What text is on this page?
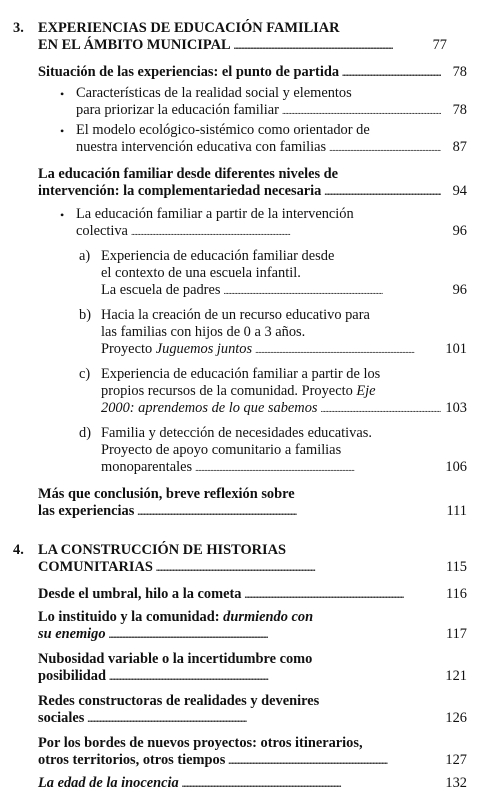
3. EXPERIENCIAS DE EDUCACIÓN FAMILIAR
EN EL ÁMBITO MUNICIPAL . . .	77
Situación de las experiencias: el punto de partida . . .	78
• Características de la realidad social y elementos
para priorizar la educación familiar . . .	78
• El modelo ecológico-sistémico como orientador de
nuestra intervención educativa con familias . . .	87
La educación familiar desde diferentes niveles de
intervención: la complementariedad necesaria . . .	94
• La educación familiar a partir de la intervención
colectiva . . .	96
a) Experiencia de educación familiar desde
el contexto de una escuela infantil.
La escuela de padres . . .	96
b) Hacia la creación de un recurso educativo para
las familias con hijos de 0 a 3 años.
Proyecto
Juguemos juntos . . .	101
c) Experiencia de educación familiar a partir de los
propios recursos de la comunidad. Proyecto
Eje
2000: aprendemos de lo que sabemos . . .	103
d) Familia y detección de necesidades educativas.
Proyecto de apoyo comunitario a familias
monoparentales . . .	106
Más que conclusión, breve reflexión sobre
las experiencias . . .	111
4. LA CONSTRUCCIÓN DE HISTORIAS
COMUNITARIAS . . .	115
Desde el umbral, hilo a la cometa . . .	116
Lo instituido y la comunidad:
durmiendo con
su enemigo . . .	117
Nubosidad variable o la incertidumbre como
posibilidad . . .	121
Redes constructoras de realidades y devenires
sociales . . .	126
Por los bordes de nuevos proyectos: otros itinerarios,
otros territorios, otros tiempos . . .	127
La edad de la inocencia . . .	132
